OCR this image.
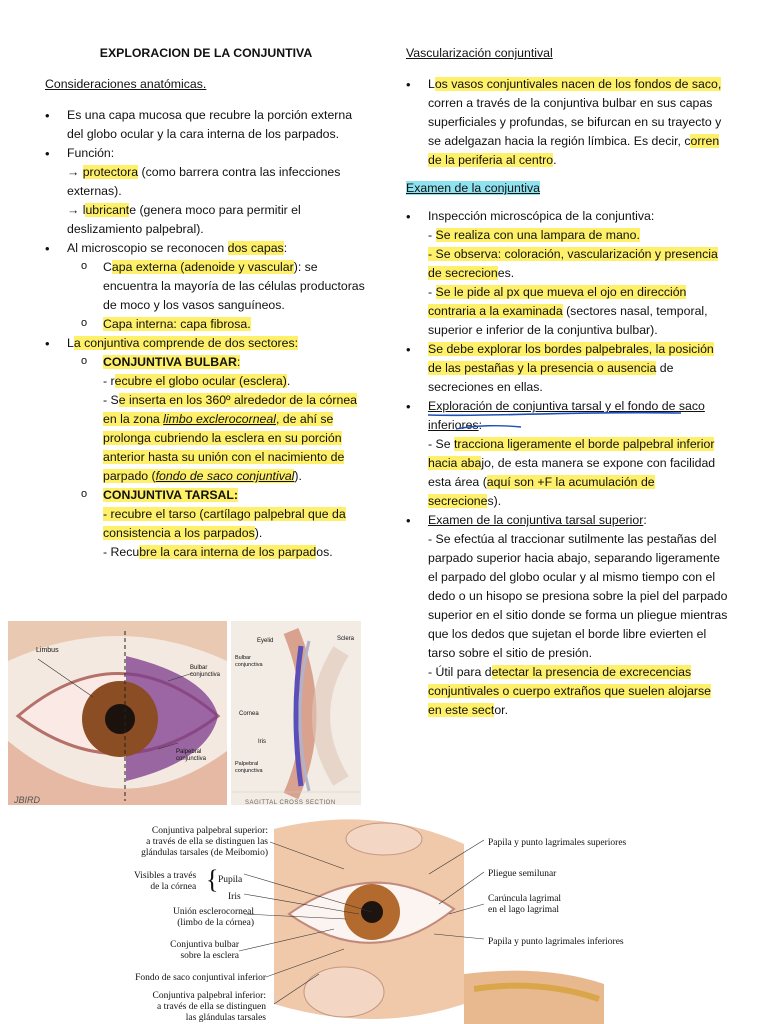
EXPLORACION DE LA CONJUNTIVA
Consideraciones anatómicas.
• Es una capa mucosa que recubre la porción externa del globo ocular y la cara interna de los parpados.
• Función:
→ protectora (como barrera contra las infecciones externas).
→ lubricante (genera moco para permitir el deslizamiento palpebral).
• Al microscopio se reconocen dos capas:
o Capa externa (adenoide y vascular): se encuentra la mayoría de las células productoras de moco y los vasos sanguíneos.
o Capa interna: capa fibrosa.
• La conjuntiva comprende de dos sectores:
o CONJUNTIVA BULBAR:
- recubre el globo ocular (esclera).
- Se inserta en los 360º alrededor de la córnea en la zona limbo exclerocorneal, de ahí se prolonga cubriendo la esclera en su porción anterior hasta su unión con el nacimiento de parpado (fondo de saco conjuntival).
o CONJUNTIVA TARSAL:
- recubre el tarso (cartílago palpebral que da consistencia a los parpados).
- Recubre la cara interna de los parpados.
Vascularización conjuntival
• Los vasos conjuntivales nacen de los fondos de saco, corren a través de la conjuntiva bulbar en sus capas superficiales y profundas, se bifurcan en su trayecto y se adelgazan hacia la región límbica. Es decir, corren de la periferia al centro.
Examen de la conjuntiva
• Inspección microscópica de la conjuntiva:
- Se realiza con una lampara de mano.
- Se observa: coloración, vascularización y presencia de secreciones.
- Se le pide al px que mueva el ojo en dirección contraria a la examinada (sectores nasal, temporal, superior e inferior de la conjuntiva bulbar).
• Se debe explorar los bordes palpebrales, la posición de las pestañas y la presencia o ausencia de secreciones en ellas.
• Exploración de conjuntiva tarsal y el fondo de saco inferiores:
- Se tracciona ligeramente el borde palpebral inferior hacia abajo, de esta manera se expone con facilidad esta área (aquí son +F la acumulación de secreciones).
• Examen de la conjuntiva tarsal superior:
- Se efectúa al traccionar sutilmente las pestañas del parpado superior hacia abajo, separando ligeramente el parpado del globo ocular y al mismo tiempo con el dedo o un hisopo se presiona sobre la piel del parpado superior en el sitio donde se forma un pliegue mientras que los dedos que sujetan el borde libre evierten el tarso sobre el sitio de presión.
- Útil para detectar la presencia de excrecencias conjuntivales o cuerpo extraños que suelen alojarse en este sector.
Limbus
Bulbar
conjunctiva
Palpebral
conjunctiva
JBIRD
Eyelid	Sclera
Bulbar
conjunctiva
Cornea
Iris
Palpebral
conjunctiva
SAGITTAL CROSS SECTION
Conjuntiva palpebral superior:
a través de ella se distinguen las
glándulas tarsales (de Meibomio)
Visibles a través
de la córnea { Pupila
Iris
Unión esclerocorneal
(limbo de la córnea)
Conjuntiva bulbar
sobre la esclera
Fondo de saco conjuntival inferior
Conjuntiva palpebral inferior:
a través de ella se distinguen
las glándulas tarsales
Papila y punto lagrimales superiores
Pliegue semilunar
Carúncula lagrimal
en el lago lagrimal
Papila y punto lagrimales inferiores
